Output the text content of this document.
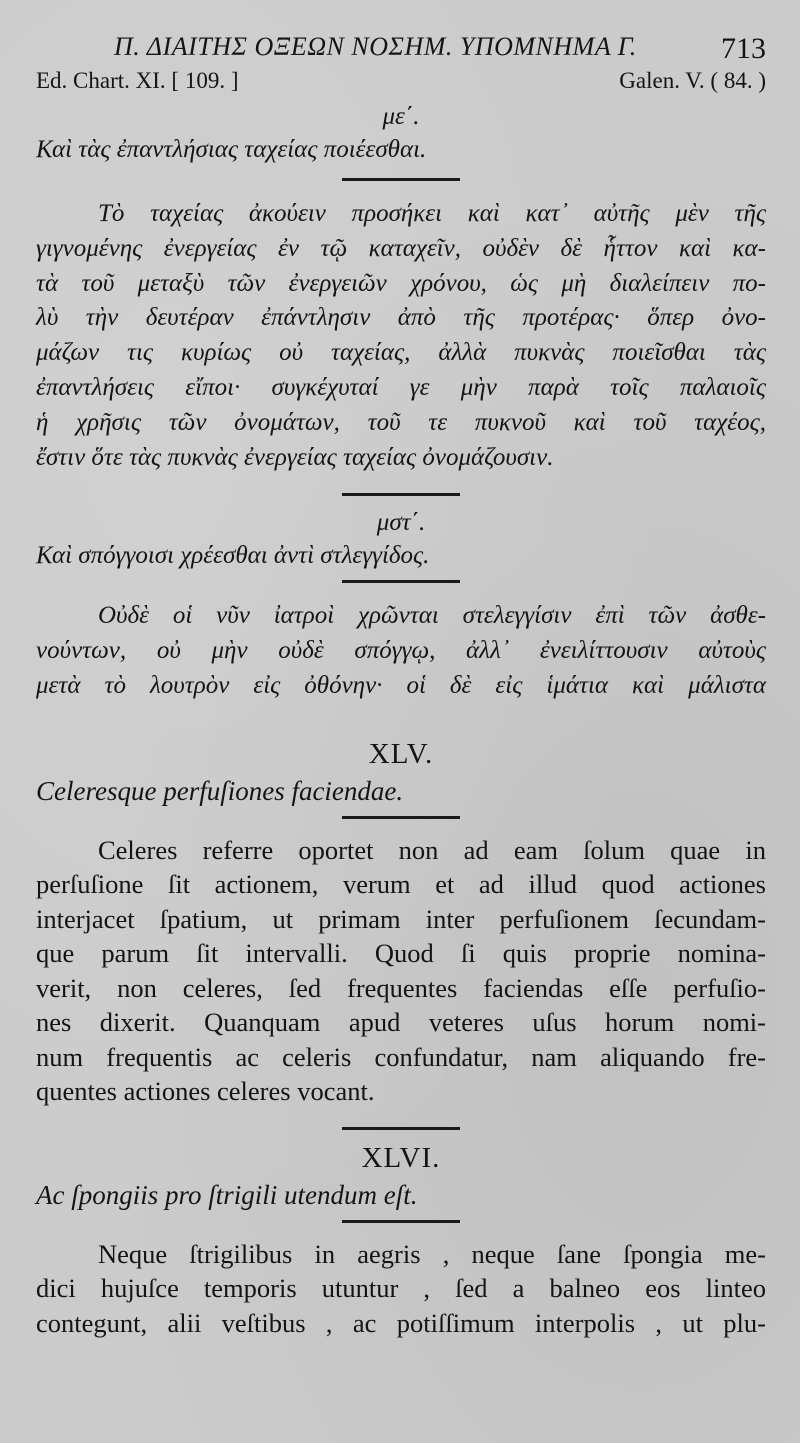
Π. ΔΙΑΙΤΗΣ ΟΞΕΩΝ ΝΟΣΗΜ. ΥΠΟΜΝΗΜΑ Γ.	713
Ed. Chart. XI. [ 109. ]	Galen. V. ( 84. )
με΄.
Καὶ τὰς ἐπαντλήσιας ταχείας ποιέεσθαι.
Τὸ ταχείας ἀκούειν προσήκει καὶ κατ᾽ αὐτῆς μὲν τῆς
γιγνομένης ἐνεργείας ἐν τῷ καταχεῖν, οὐδὲν δὲ ἧττον καὶ κα-
τὰ τοῦ μεταξὺ τῶν ἐνεργειῶν χρόνου, ὡς μὴ διαλείπειν πο-
λὺ τὴν δευτέραν ἐπάντλησιν ἀπὸ τῆς προτέρας· ὅπερ ὀνο-
μάζων τις κυρίως οὐ ταχείας, ἀλλὰ πυκνὰς ποιεῖσθαι τὰς
ἐπαντλήσεις εἴποι· συγκέχυταί γε μὴν παρὰ τοῖς παλαιοῖς
ἡ χρῆσις τῶν ὀνομάτων, τοῦ τε πυκνοῦ καὶ τοῦ ταχέος,
ἔστιν ὅτε τὰς πυκνὰς ἐνεργείας ταχείας ὀνομάζουσιν.
μστ΄.
Καὶ σπόγγοισι χρέεσθαι ἀντὶ στλεγγίδος.
Οὐδὲ οἱ νῦν ἰατροὶ χρῶνται στελεγγίσιν ἐπὶ τῶν ἀσθε-
νούντων, οὐ μὴν οὐδὲ σπόγγῳ, ἀλλ᾽ ἐνειλίττουσιν αὐτοὺς
μετὰ τὸ λουτρὸν εἰς ὀθόνην· οἱ δὲ εἰς ἱμάτια καὶ μάλιστα
XLV.
Celeresque perfuſiones faciendae.
Celeres referre oportet non ad eam ſolum quae in
perſuſione ſit actionem, verum et ad illud quod actiones
interjacet ſpatium, ut primam inter perfuſionem ſecundam-
que parum ſit intervalli. Quod ſi quis proprie nomina-
verit, non celeres, ſed frequentes faciendas eſſe perfuſio-
nes dixerit. Quanquam apud veteres uſus horum nomi-
num frequentis ac celeris confundatur, nam aliquando fre-
quentes actiones celeres vocant.
XLVI.
Ac ſpongiis pro ſtrigili utendum eſt.
Neque ſtrigilibus in aegris , neque ſane ſpongia me-
dici hujuſce temporis utuntur , ſed a balneo eos linteo
contegunt, alii veſtibus , ac potiſſimum interpolis , ut plu-
